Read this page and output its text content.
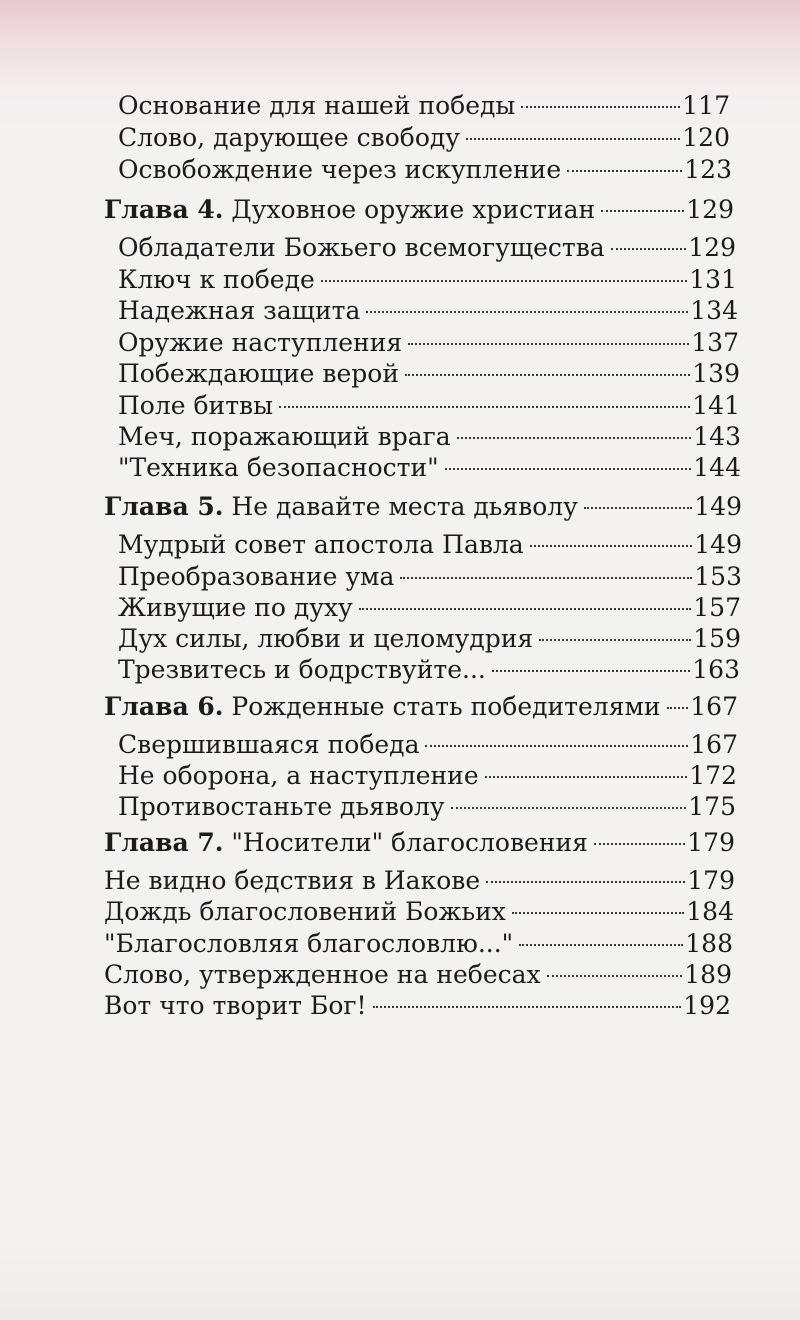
Основание для нашей победы	117
Слово, дарующее свободу	120
Освобождение через искупление	123
Глава 4. Духовное оружие христиан	129
Обладатели Божьего всемогущества	129
Ключ к победе	131
Надежная защита	134
Оружие наступления	137
Побеждающие верой	139
Поле битвы	141
Меч, поражающий врага	143
"Техника безопасности"	144
Глава 5. Не давайте места дьяволу	149
Мудрый совет апостола Павла	149
Преобразование ума	153
Живущие по духу	157
Дух силы, любви и целомудрия	159
Трезвитесь и бодрствуйте...	163
Глава 6. Рожденные стать победителями 167
Свершившаяся победа	167
Не оборона, а наступление	172
Противостаньте дьяволу	175
Глава 7. "Носители" благословения	179
Не видно бедствия в Иакове	179
Дождь благословений Божьих	184
"Благословляя благословлю..."	188
Слово, утвержденное на небесах	189
Вот что творит Бог!	192
